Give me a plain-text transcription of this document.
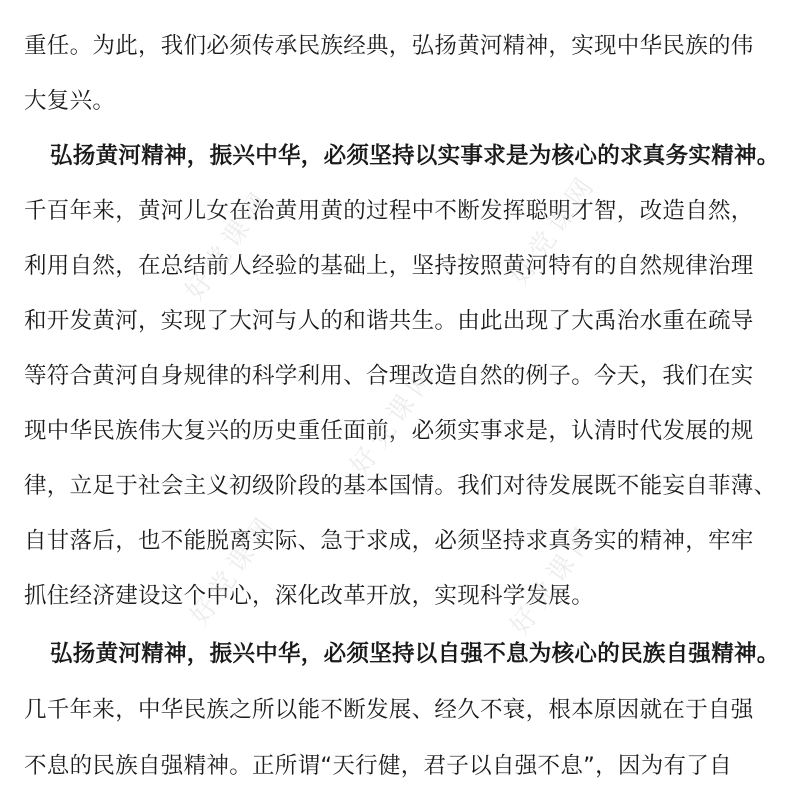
重任。为此，我们必须传承民族经典，弘扬黄河精神，实现中华民族的伟
大复兴。
弘扬黄河精神，振兴中华，必须坚持以实事求是为核心的求真务实精神。
千百年来，黄河儿女在治黄用黄的过程中不断发挥聪明才智，改造自然，
利用自然，在总结前人经验的基础上，坚持按照黄河特有的自然规律治理
和开发黄河，实现了大河与人的和谐共生。由此出现了大禹治水重在疏导
等符合黄河自身规律的科学利用、合理改造自然的例子。今天，我们在实
现中华民族伟大复兴的历史重任面前，必须实事求是，认清时代发展的规
律，立足于社会主义初级阶段的基本国情。我们对待发展既不能妄自菲薄、
自甘落后，也不能脱离实际、急于求成，必须坚持求真务实的精神，牢牢
抓住经济建设这个中心，深化改革开放，实现科学发展。
弘扬黄河精神，振兴中华，必须坚持以自强不息为核心的民族自强精神。
几千年来，中华民族之所以能不断发展、经久不衰，根本原因就在于自强
不息的民族自强精神。正所谓“天行健，君子以自强不息”，因为有了自
好党课网	好党课网
好党课网
好党课网	好党课网
